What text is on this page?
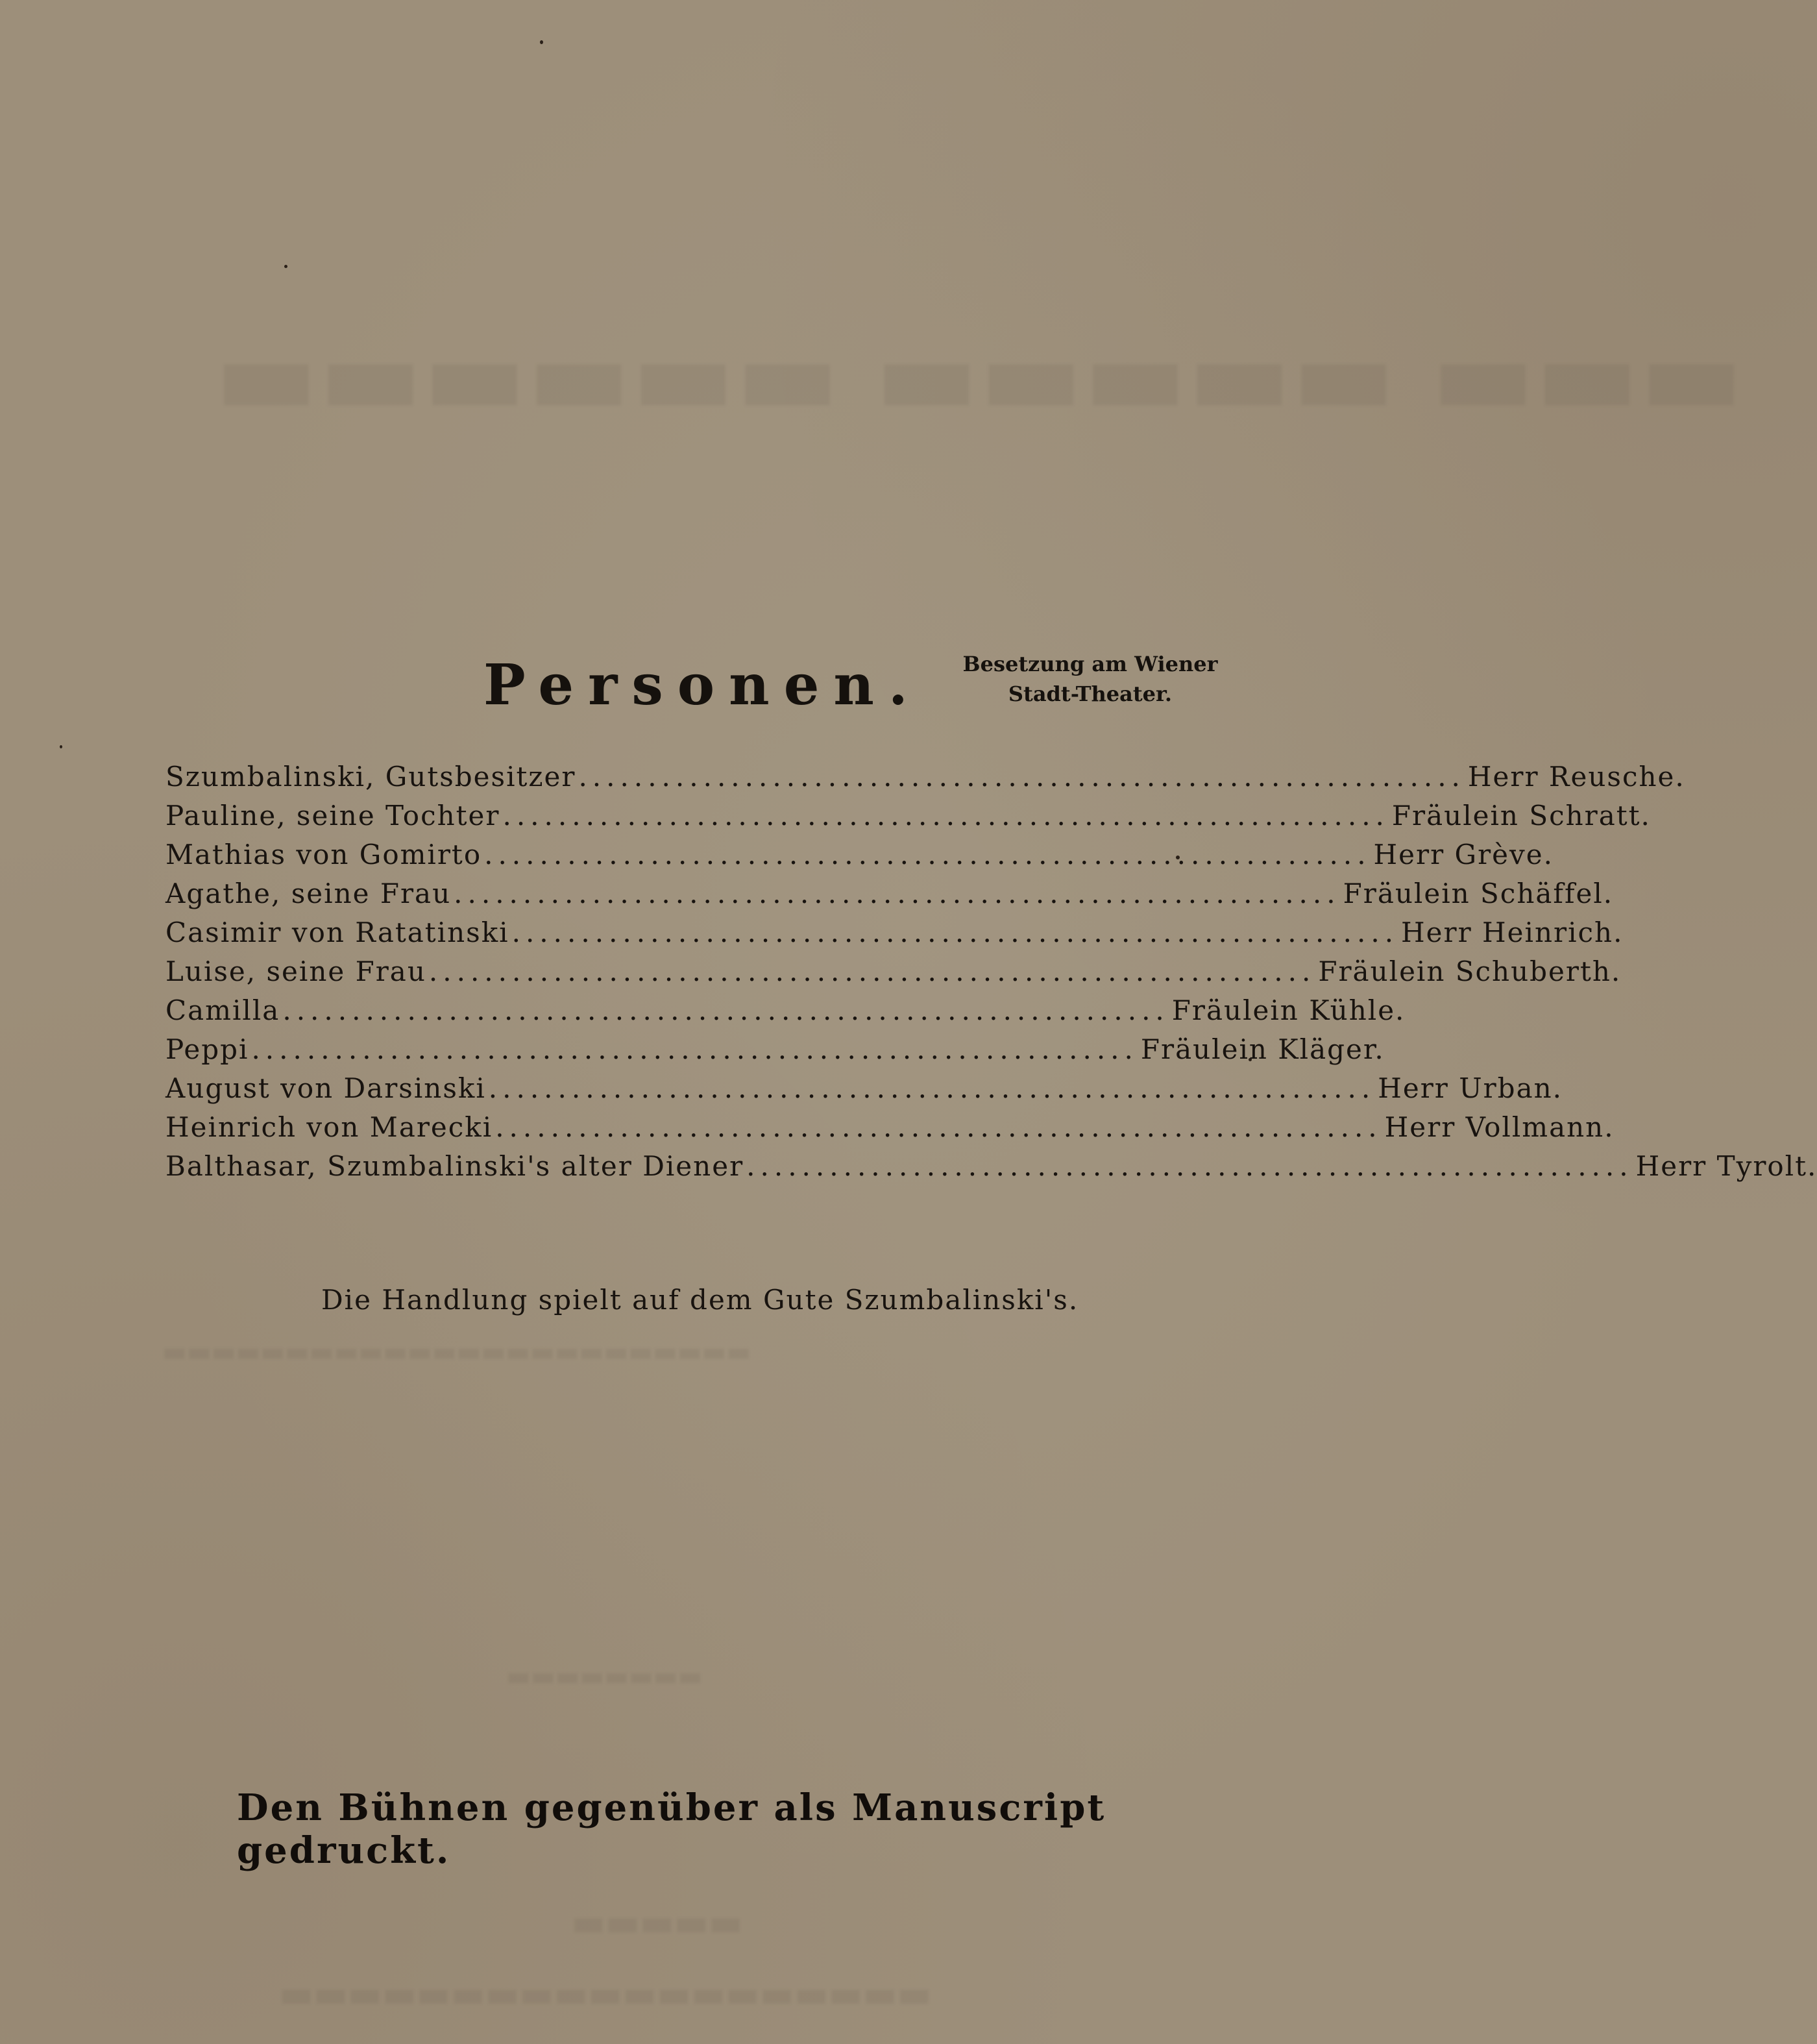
▬▬▬ ▬▬▬▬▬ ▬▬▬▬▬▬
▬▬▬▬▬▬▬▬▬▬▬▬▬▬▬▬▬▬▬▬▬▬▬▬
▬▬▬▬▬▬▬▬
▬▬▬▬▬
▬▬▬▬▬▬▬▬▬▬▬▬▬▬▬▬▬▬▬
Personen.	Besetzung am Wiener
Stadt-Theater.
Szumbalinski, Gutsbesitzer ................................................................ Herr Reusche.
Pauline, seine Tochter ................................................................ Fräulein Schratt.
Mathias von Gomirto ................................................................ Herr Grève.
Agathe, seine Frau ................................................................ Fräulein Schäffel.
Casimir von Ratatinski ................................................................ Herr Heinrich.
Luise, seine Frau ................................................................ Fräulein Schuberth.
Camilla ................................................................ Fräulein Kühle.
Peppi ................................................................ Fräulein Kläger.
August von Darsinski ................................................................ Herr Urban.
Heinrich von Marecki ................................................................ Herr Vollmann.
Balthasar, Szumbalinski's alter Diener ................................................................ Herr Tyrolt.
Die Handlung spielt auf dem Gute Szumbalinski's.
Den Bühnen gegenüber als Manuscript gedruckt.
